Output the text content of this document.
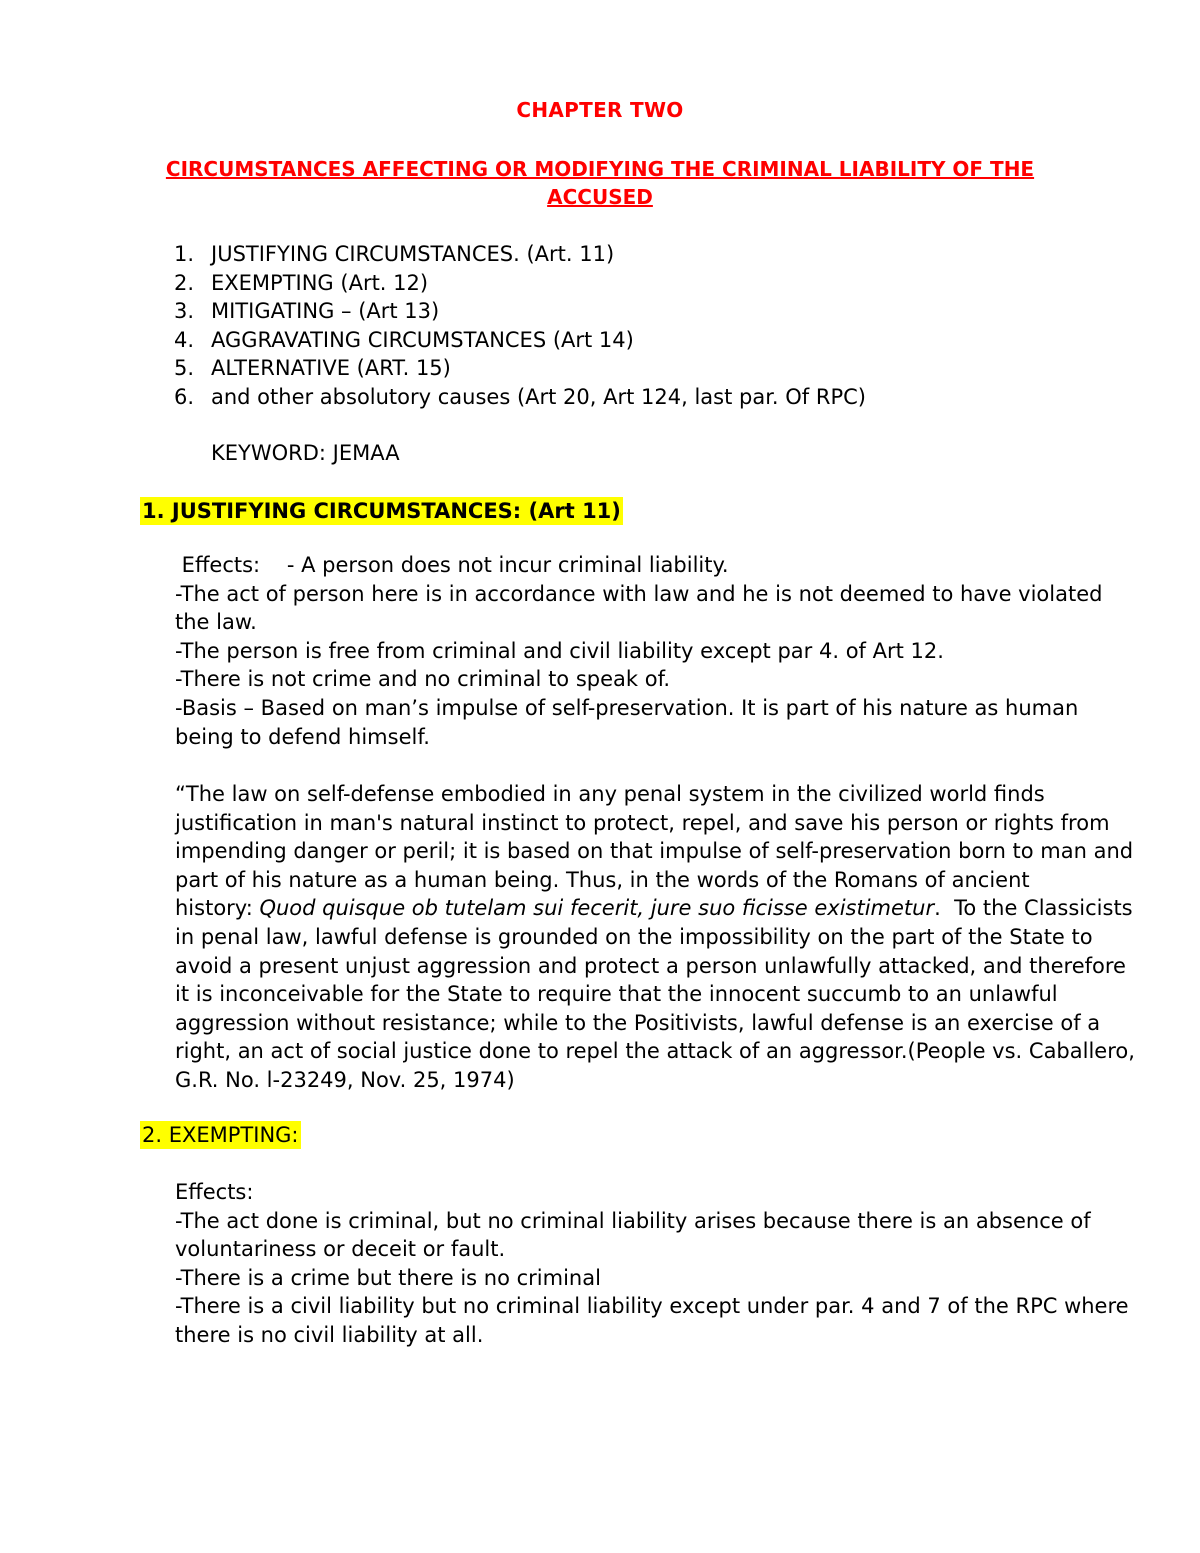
CHAPTER TWO
CIRCUMSTANCES AFFECTING OR MODIFYING THE CRIMINAL LIABILITY OF THE ACCUSED
1. JUSTIFYING CIRCUMSTANCES. (Art. 11)
2. EXEMPTING (Art. 12)
3. MITIGATING – (Art 13)
4. AGGRAVATING CIRCUMSTANCES (Art 14)
5. ALTERNATIVE (ART. 15)
6. and other absolutory causes (Art 20, Art 124, last par. Of RPC)
KEYWORD: JEMAA
1. JUSTIFYING CIRCUMSTANCES: (Art 11)

Effects:    - A person does not incur criminal liability.
-The act of person here is in accordance with law and he is not deemed to have violated
the law.
-The person is free from criminal and civil liability except par 4. of Art 12.
-There is not crime and no criminal to speak of.
-Basis – Based on man’s impulse of self-preservation. It is part of his nature as human
being to defend himself.

“The law on self-defense embodied in any penal system in the civilized world finds
justification in man's natural instinct to protect, repel, and save his person or rights from
impending danger or peril; it is based on that impulse of self-preservation born to man and
part of his nature as a human being. Thus, in the words of the Romans of ancient
history: Quod quisque ob tutelam sui fecerit, jure suo ficisse existimetur.  To the Classicists
in penal law, lawful defense is grounded on the impossibility on the part of the State to
avoid a present unjust aggression and protect a person unlawfully attacked, and therefore
it is inconceivable for the State to require that the innocent succumb to an unlawful
aggression without resistance; while to the Positivists, lawful defense is an exercise of a
right, an act of social justice done to repel the attack of an aggressor.(People vs. Caballero,
G.R. No. l-23249, Nov. 25, 1974)

2. EXEMPTING:

Effects:
-The act done is criminal, but no criminal liability arises because there is an absence of
voluntariness or deceit or fault.
-There is a crime but there is no criminal
-There is a civil liability but no criminal liability except under par. 4 and 7 of the RPC where
there is no civil liability at all.
